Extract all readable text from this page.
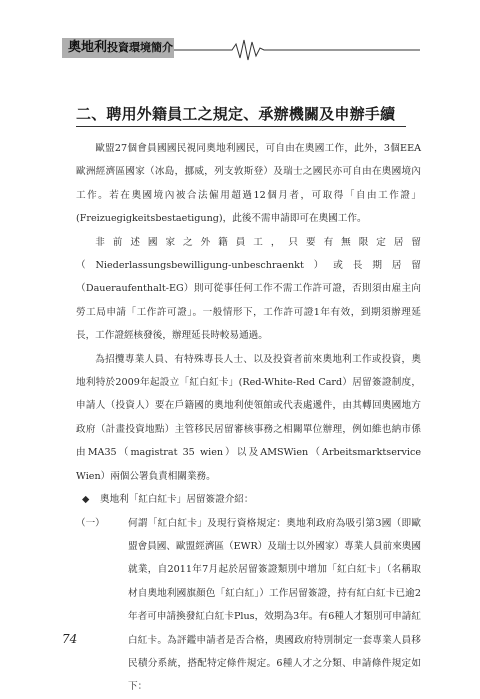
奧地利投資環境簡介
二、聘用外籍員工之規定、承辦機關及申辦手續

歐盟27個會員國國民視同奧地利國民，可自由在奧國工作，此外，3個EEA歐洲經濟區國家（冰島，挪威，列支敦斯登）及瑞士之國民亦可自由在奧國境內工作。若在奧國境內被合法僱用超過12個月者，可取得「自由工作證」(Freizuegigkeitsbestaetigung)，此後不需申請即可在奧國工作。

非前述國家之外籍員工，只要有無限定居留（Niederlassungsbewilligung-unbeschraenkt）或長期居留（Daueraufenthalt-EG）則可從事任何工作不需工作許可證，否則須由雇主向勞工局申請「工作許可證」。一般情形下，工作許可證1年有效，到期須辦理延長，工作證經核發後，辦理延長時較易通過。

為招攬專業人員、有特殊專長人士、以及投資者前來奧地利工作或投資，奧地利特於2009年起設立「紅白紅卡」(Red-White-Red Card）居留簽證制度，申請人（投資人）要在戶籍國的奧地利使領館或代表處遞件，由其轉回奧國地方政府（計畫投資地點）主管移民居留審核事務之相關單位辦理，例如維也納市係由MA35（magistrat 35 wien）以及AMSWien（Arbeitsmarktservice Wien）兩個公署負責相關業務。

◆ 奧地利「紅白紅卡」居留簽證介紹：
（一） 何謂「紅白紅卡」及現行資格規定：奧地利政府為吸引第3國（即歐盟會員國、歐盟經濟區（EWR）及瑞士以外國家）專業人員前來奧國就業，自2011年7月起於居留簽證類別中增加「紅白紅卡」（名稱取材自奧地利國旗顏色「紅白紅」）工作居留簽證，持有紅白紅卡已逾2年者可申請換發紅白紅卡Plus，效期為3年。有6種人才類別可申請紅白紅卡。為評鑑申請者是否合格，奧國政府特別制定一套專業人員移民積分系統，搭配特定條件規定。6種人才之分類、申請條件規定如下：
74
